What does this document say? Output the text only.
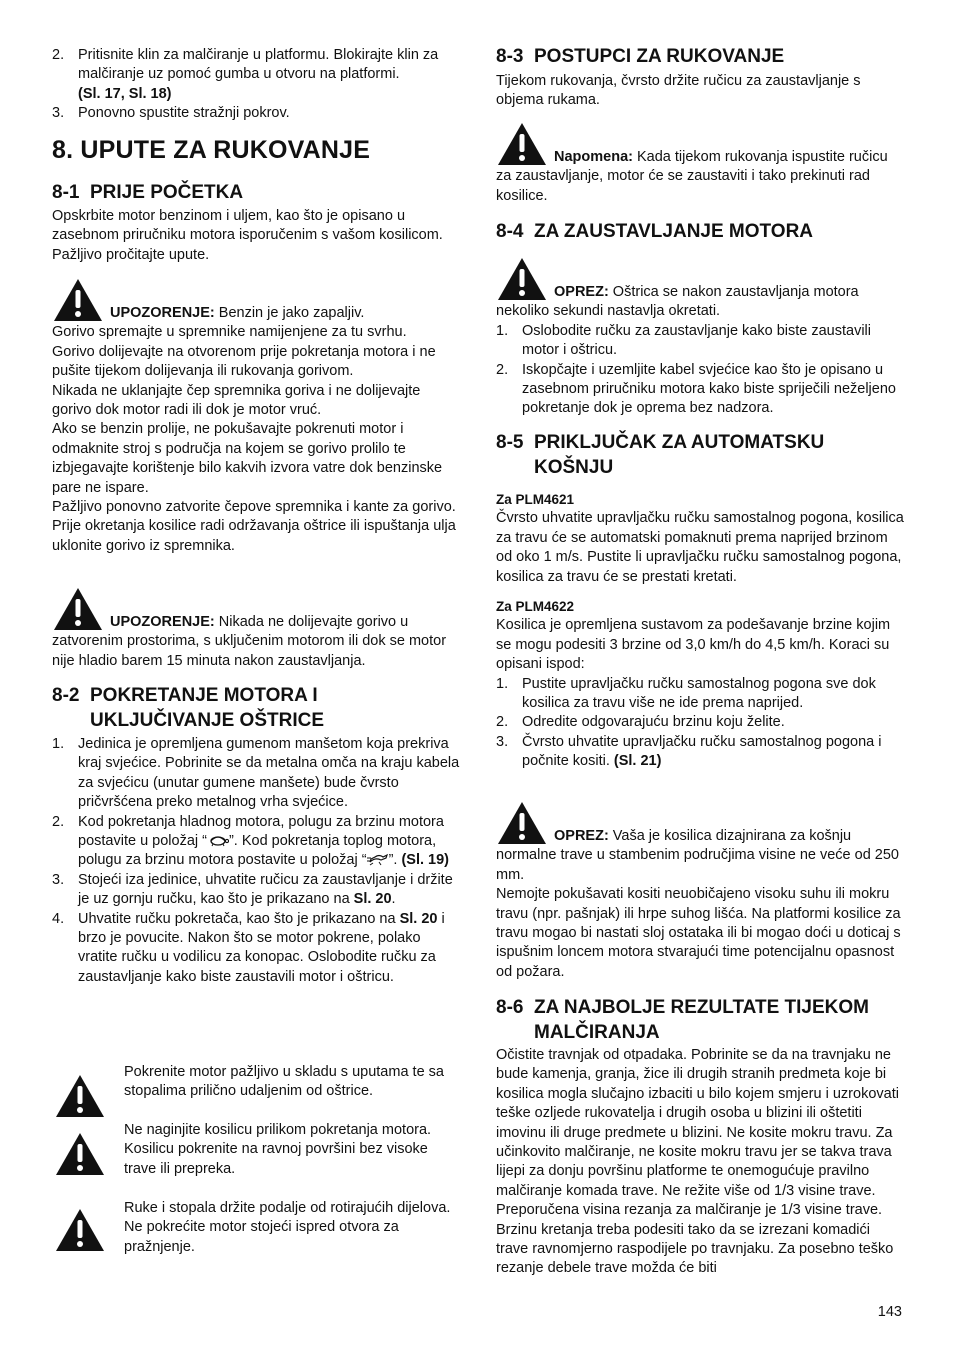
2. Pritisnite klin za malčiranje u platformu. Blokirajte klin za malčiranje uz pomoć gumba u otvoru na platformi.
(Sl. 17, Sl. 18)
3. Ponovno spustite stražnji pokrov.
8. UPUTE ZA RUKOVANJE
8-1 PRIJE POČETKA

Opskrbite motor benzinom i uljem, kao što je opisano u zasebnom priručniku motora isporučenim s vašom kosilicom. Pažljivo pročitajte upute.

UPOZORENJE: Benzin je jako zapaljiv.
Gorivo spremajte u spremnike namijenjene za tu svrhu.
Gorivo dolijevajte na otvorenom prije pokretanja motora i ne pušite tijekom dolijevanja ili rukovanja gorivom.
Nikada ne uklanjajte čep spremnika goriva i ne dolijevajte gorivo dok motor radi ili dok je motor vruć.
Ako se benzin prolije, ne pokušavajte pokrenuti motor i odmaknite stroj s područja na kojem se gorivo prolilo te izbjegavajte korištenje bilo kakvih izvora vatre dok benzinske pare ne ispare.
Pažljivo ponovno zatvorite čepove spremnika i kante za gorivo.
Prije okretanja kosilice radi održavanja oštrice ili ispuštanja ulja uklonite gorivo iz spremnika.
UPOZORENJE: Nikada ne dolijevajte gorivo u zatvorenim prostorima, s uključenim motorom ili dok se motor nije hladio barem 15 minuta nakon zaustavljanja.
8-2 POKRETANJE MOTORA I
UKLJUČIVANJE OŠTRICE
1. Jedinica je opremljena gumenom manšetom koja prekriva kraj svjećice. Pobrinite se da metalna omča na kraju kabela za svjećicu (unutar gumene manšete) bude čvrsto pričvršćena preko metalnog vrha svjećice.
2. Kod pokretanja hladnog motora, polugu za brzinu motora postavite u položaj “ ”. Kod pokretanja toplog motora, polugu za brzinu motora postavite u položaj “ ”. (Sl. 19)
3. Stojeći iza jedinice, uhvatite ručicu za zaustavljanje i držite je uz gornju ručku, kao što je prikazano na Sl. 20.
4. Uhvatite ručku pokretača, kao što je prikazano na Sl. 20 i brzo je povucite. Nakon što se motor pokrene, polako vratite ručku u vodilicu za konopac. Oslobodite ručku za zaustavljanje kako biste zaustavili motor i oštricu.
Pokrenite motor pažljivo u skladu s uputama te sa stopalima prilično udaljenim od oštrice.
Ne naginjite kosilicu prilikom pokretanja motora. Kosilicu pokrenite na ravnoj površini bez visoke trave ili prepreka.
Ruke i stopala držite podalje od rotirajućih dijelova. Ne pokrećite motor stojeći ispred otvora za pražnjenje.
8-3 POSTUPCI ZA RUKOVANJE

Tijekom rukovanja, čvrsto držite ručicu za zaustavljanje s objema rukama.

Napomena: Kada tijekom rukovanja ispustite ručicu za zaustavljanje, motor će se zaustaviti i tako prekinuti rad kosilice.
8-4 ZA ZAUSTAVLJANJE MOTORA
OPREZ: Oštrica se nakon zaustavljanja motora nekoliko sekundi nastavlja okretati.
1. Oslobodite ručku za zaustavljanje kako biste zaustavili motor i oštricu.
2. Iskopčajte i uzemljite kabel svjećice kao što je opisano u zasebnom priručniku motora kako biste spriječili neželjeno pokretanje dok je oprema bez nadzora.
8-5 PRIKLJUČAK ZA AUTOMATSKU
KOŠNJU
Za PLM4621
Čvrsto uhvatite upravljačku ručku samostalnog pogona, kosilica za travu će se automatski pomaknuti prema naprijed brzinom od oko 1 m/s. Pustite li upravljačku ručku samostalnog pogona, kosilica za travu će se prestati kretati.
Za PLM4622
Kosilica je opremljena sustavom za podešavanje brzine kojim se mogu podesiti 3 brzine od 3,0 km/h do 4,5 km/h. Koraci su opisani ispod:
1. Pustite upravljačku ručku samostalnog pogona sve dok kosilica za travu više ne ide prema naprijed.
2. Odredite odgovarajuću brzinu koju želite.
3. Čvrsto uhvatite upravljačku ručku samostalnog pogona i počnite kositi. (Sl. 21)
OPREZ: Vaša je kosilica dizajnirana za košnju normalne trave u stambenim područjima visine ne veće od 250 mm.
Nemojte pokušavati kositi neuobičajeno visoku suhu ili mokru travu (npr. pašnjak) ili hrpe suhog lišća. Na platformi kosilice za travu mogao bi nastati sloj ostataka ili bi mogao doći u doticaj s ispušnim loncem motora stvarajući time potencijalnu opasnost od požara.
8-6 ZA NAJBOLJE REZULTATE TIJEKOM
MALČIRANJA

Očistite travnjak od otpadaka. Pobrinite se da na travnjaku ne bude kamenja, granja, žice ili drugih stranih predmeta koje bi kosilica mogla slučajno izbaciti u bilo kojem smjeru i uzrokovati teške ozljede rukovatelja i drugih osoba u blizini ili oštetiti imovinu ili druge predmete u blizini. Ne kosite mokru travu. Za učinkovito malčiranje, ne kosite mokru travu jer se takva trava lijepi za donju površinu platforme te onemogućuje pravilno malčiranje komada trave. Ne režite više od 1/3 visine trave. Preporučena visina rezanja za malčiranje je 1/3 visine trave. Brzinu kretanja treba podesiti tako da se izrezani komadići trave ravnomjerno raspodijele po travnjaku. Za posebno teško rezanje debele trave možda će biti

143
